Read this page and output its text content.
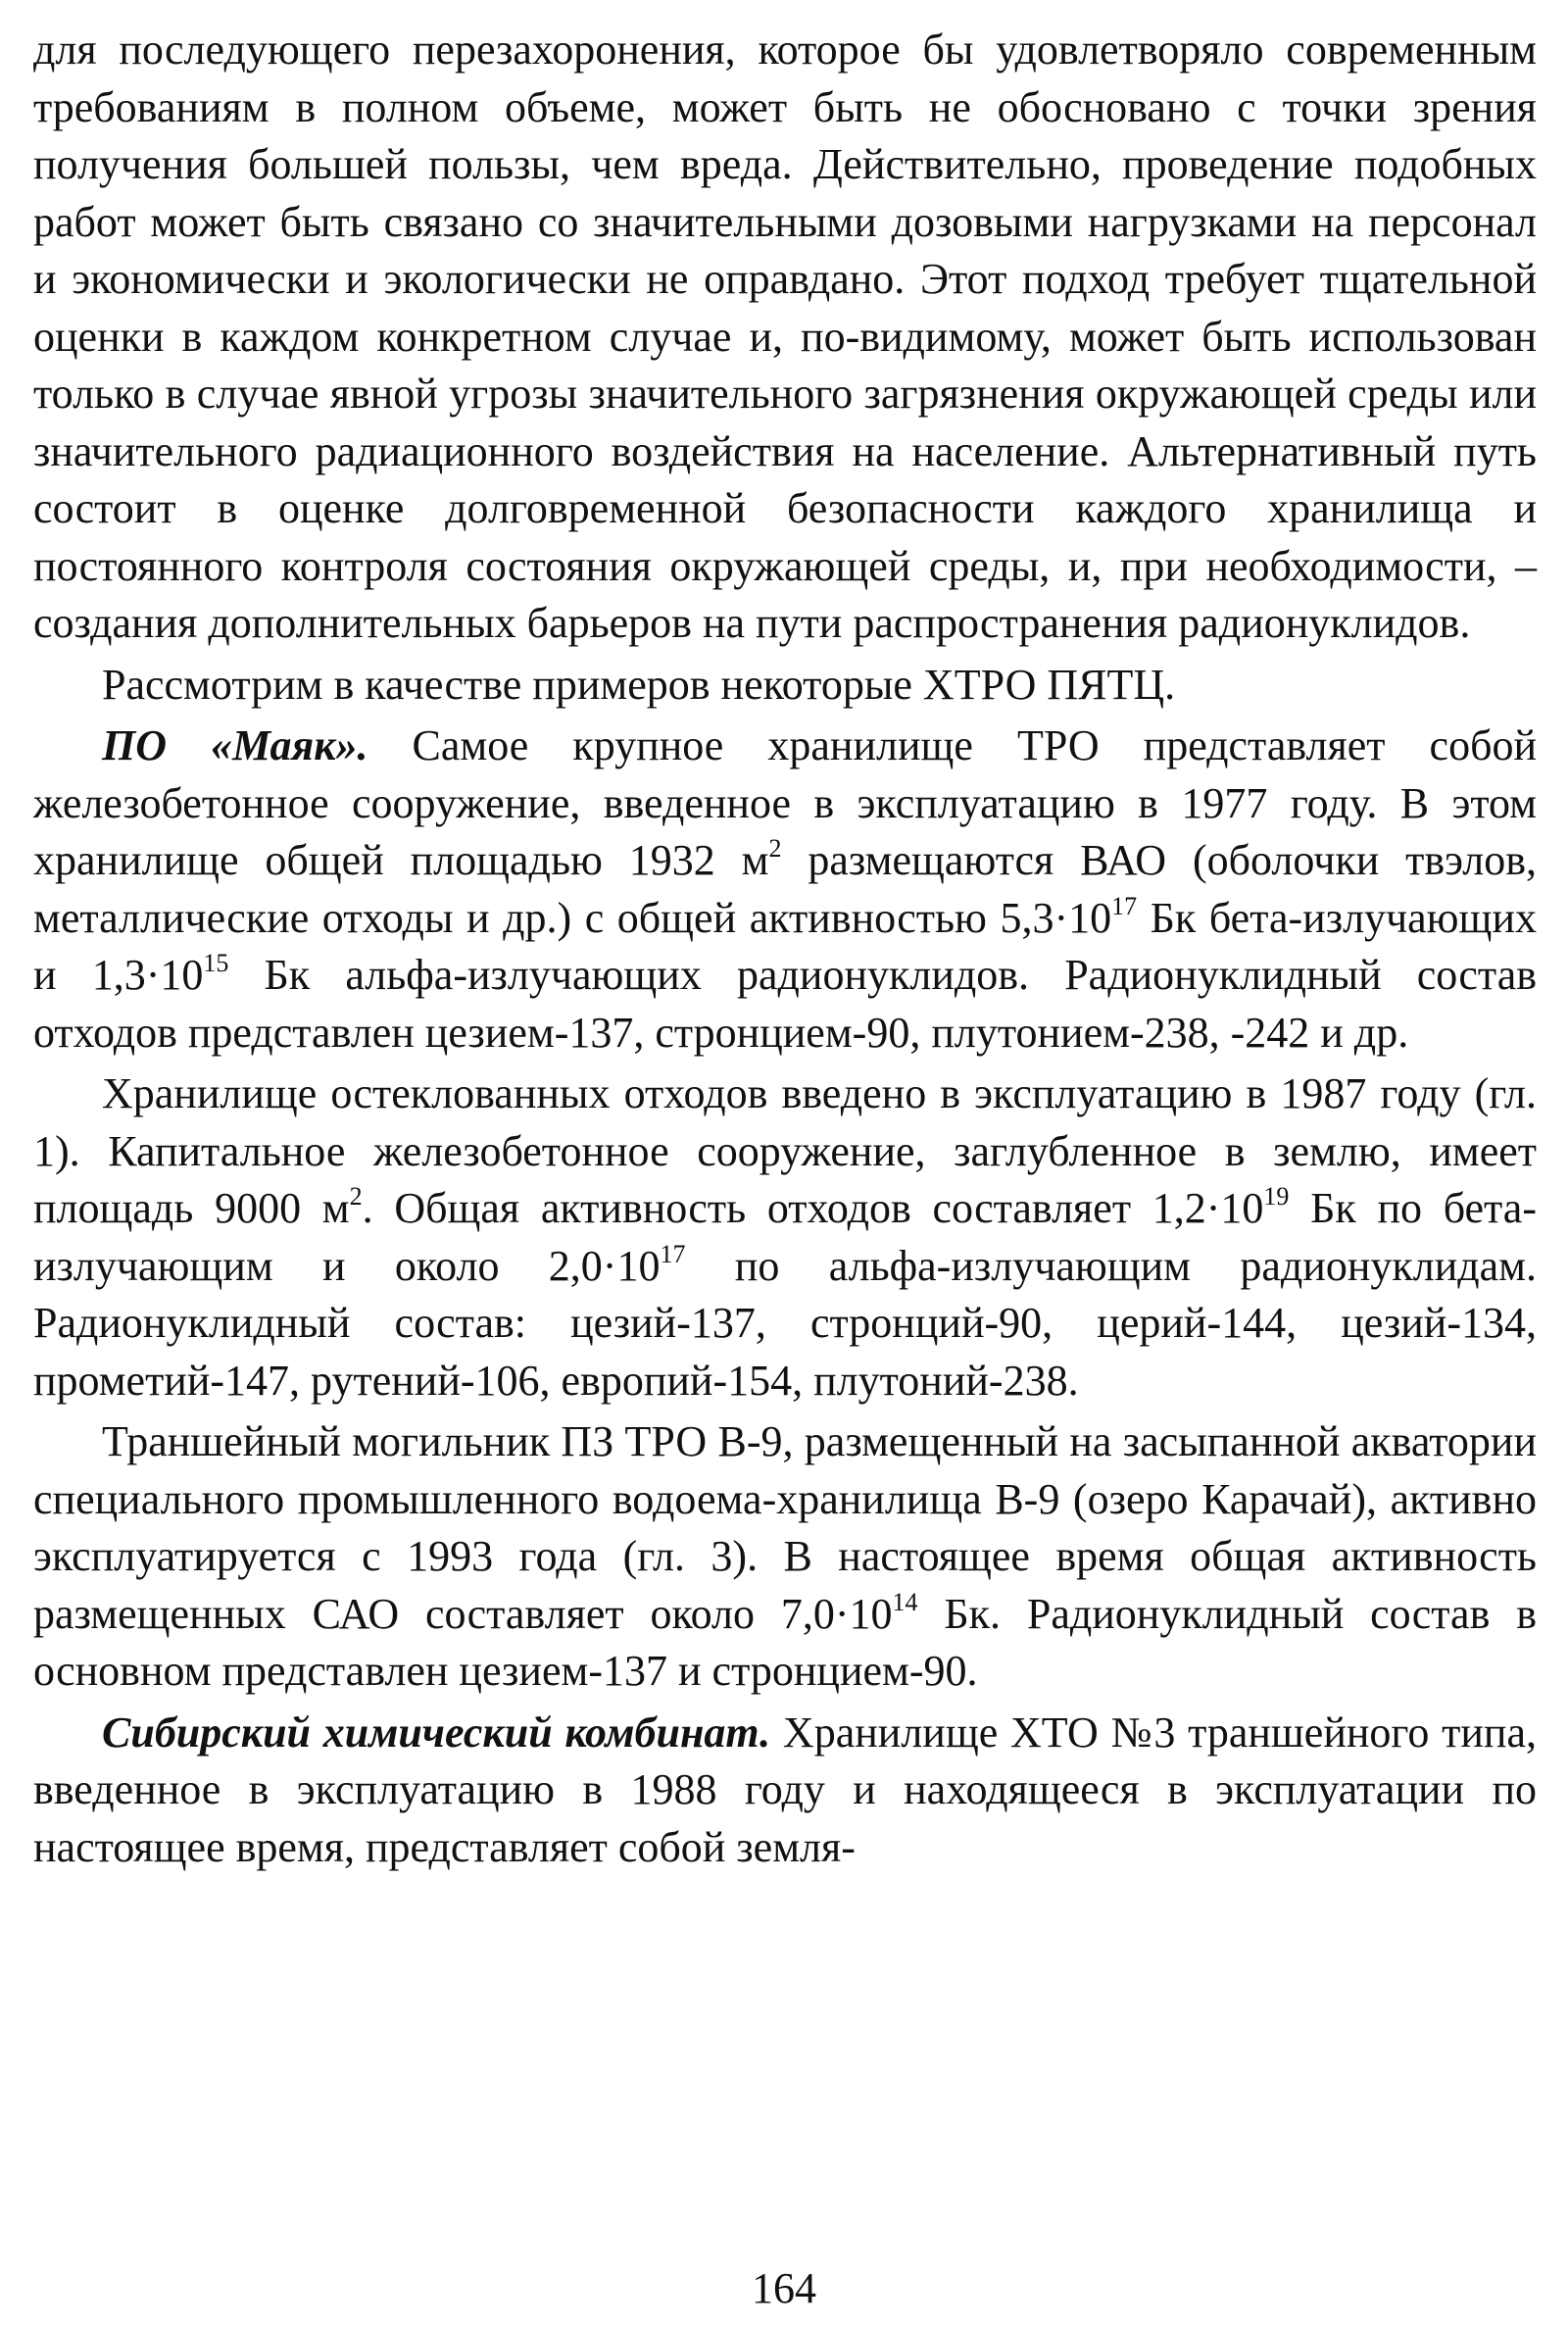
для последующего перезахоронения, которое бы удовлетворяло современным требованиям в полном объеме, может быть не обосновано с точки зрения получения большей пользы, чем вреда. Действительно, проведение подобных работ может быть связано со значительными дозовыми нагрузками на персонал и экономически и экологически не оправдано. Этот подход требует тщательной оценки в каждом конкретном случае и, по-видимому, может быть использован только в случае явной угрозы значительного загрязнения окружающей среды или значительного радиационного воздействия на население. Альтернативный путь состоит в оценке долговременной безопасности каждого хранилища и постоянного контроля состояния окружающей среды, и, при необходимости, – создания дополнительных барьеров на пути распространения радионуклидов.

Рассмотрим в качестве примеров некоторые ХТРО ПЯТЦ.

ПО «Маяк». Самое крупное хранилище ТРО представляет собой железобетонное сооружение, введенное в эксплуатацию в 1977 году. В этом хранилище общей площадью 1932 $м^2$ размещаются ВАО (оболочки твэлов, металлические отходы и др.) с общей активностью $5,3\cdot 10^{17}$ Бк бета-излучающих и $1,3\cdot 10^{15}$ Бк альфа-излучающих радионуклидов. Радионуклидный состав отходов представлен цезием-137, стронцием-90, плутонием-238, -242 и др.

Хранилище остеклованных отходов введено в эксплуатацию в 1987 году (гл. 1). Капитальное железобетонное сооружение, заглубленное в землю, имеет площадь 9000 $м^2$. Общая активность отходов составляет $1,2\cdot 10^{19}$ Бк по бета-излучающим и около $2,0\cdot 10^{17}$ по альфа-излучающим радионуклидам. Радионуклидный состав: цезий-137, стронций-90, церий-144, цезий-134, прометий-147, рутений-106, европий-154, плутоний-238.

Траншейный могильник ПЗ ТРО В-9, размещенный на засыпанной акватории специального промышленного водоема-хранилища В-9 (озеро Карачай), активно эксплуатируется с 1993 года (гл. 3). В настоящее время общая активность размещенных САО составляет около $7,0\cdot 10^{14}$ Бк. Радионуклидный состав в основном представлен цезием-137 и стронцием-90.

Сибирский химический комбинат. Хранилище ХТО №3 траншейного типа, введенное в эксплуатацию в 1988 году и находящееся в эксплуатации по настоящее время, представляет собой земля-

164
